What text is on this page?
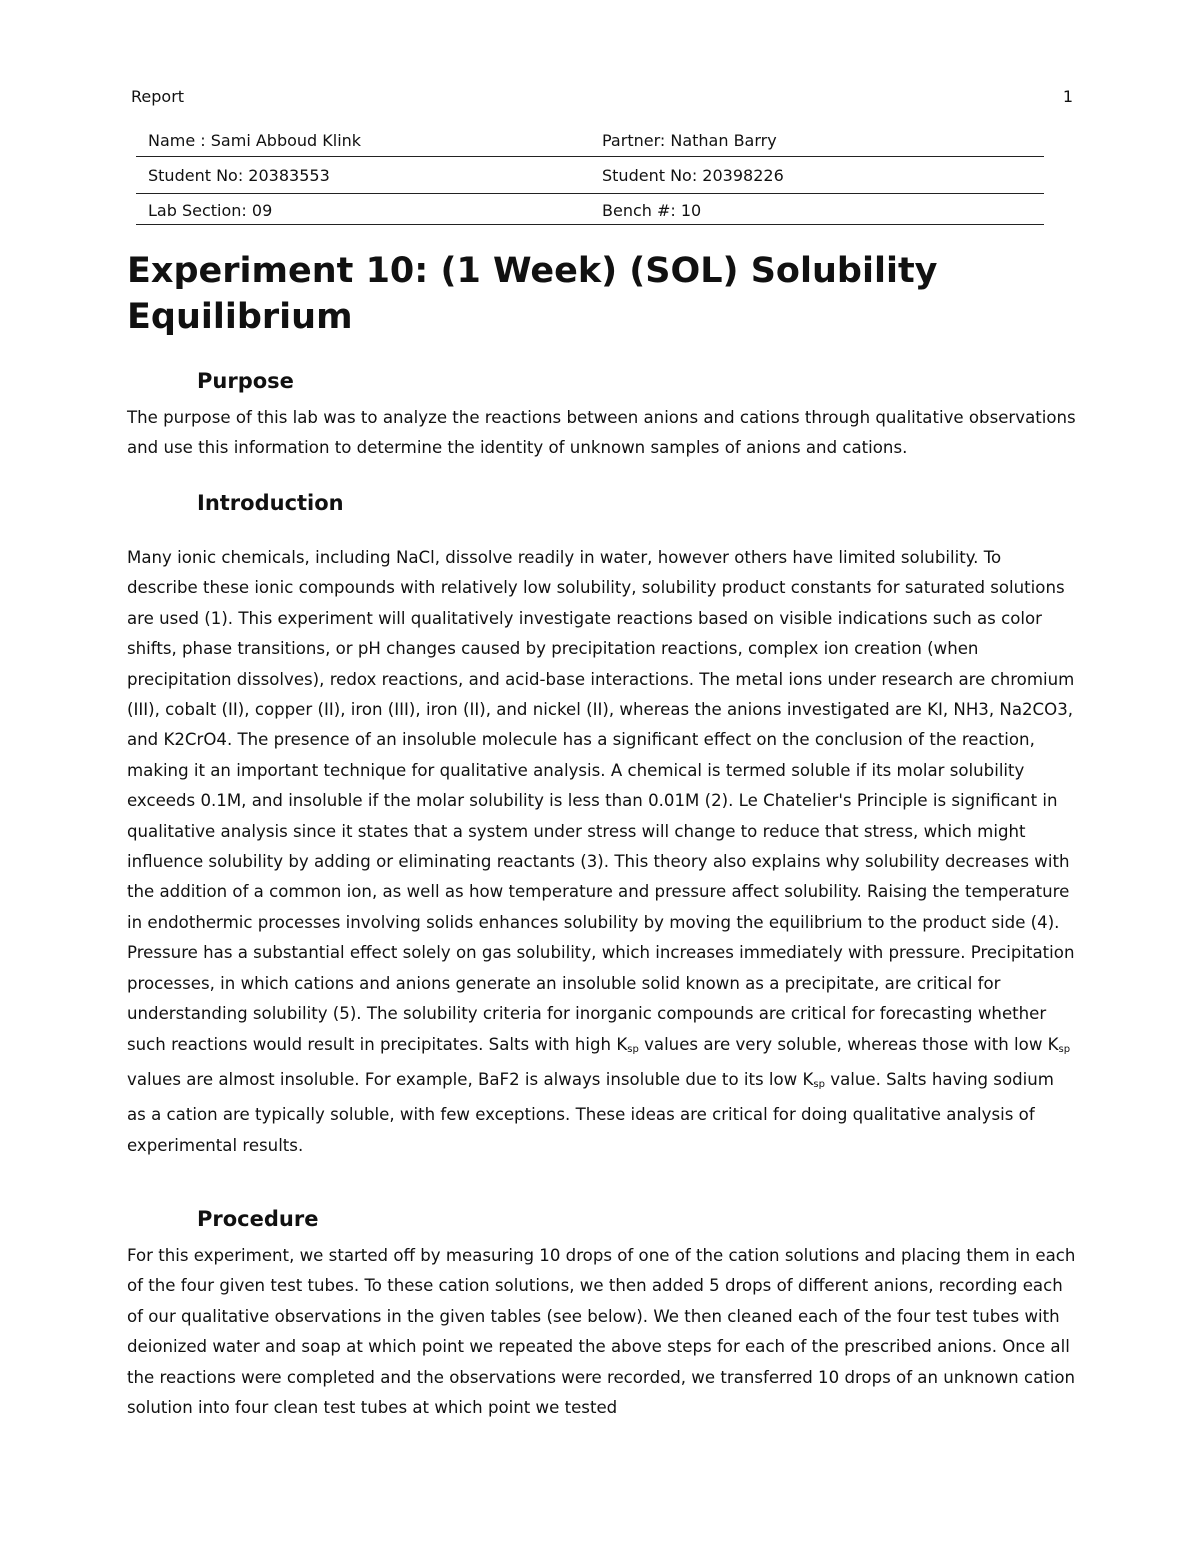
Report	1
Name : Sami Abboud Klink	Partner: Nathan Barry
Student No: 20383553	Student No: 20398226
Lab Section: 09	Bench #: 10
Experiment 10: (1 Week) (SOL) Solubility Equilibrium
Purpose

The purpose of this lab was to analyze the reactions between anions and cations through qualitative observations and use this information to determine the identity of unknown samples of anions and cations.

Introduction

Many ionic chemicals, including NaCl, dissolve readily in water, however others have limited solubility. To describe these ionic compounds with relatively low solubility, solubility product constants for saturated solutions are used (1). This experiment will qualitatively investigate reactions based on visible indications such as color shifts, phase transitions, or pH changes caused by precipitation reactions, complex ion creation (when precipitation dissolves), redox reactions, and acid-base interactions. The metal ions under research are chromium (III), cobalt (II), copper (II), iron (III), iron (II), and nickel (II), whereas the anions investigated are KI, NH3, Na2CO3, and K2CrO4. The presence of an insoluble molecule has a significant effect on the conclusion of the reaction, making it an important technique for qualitative analysis. A chemical is termed soluble if its molar solubility exceeds 0.1M, and insoluble if the molar solubility is less than 0.01M (2). Le Chatelier's Principle is significant in qualitative analysis since it states that a system under stress will change to reduce that stress, which might influence solubility by adding or eliminating reactants (3). This theory also explains why solubility decreases with the addition of a common ion, as well as how temperature and pressure affect solubility. Raising the temperature in endothermic processes involving solids enhances solubility by moving the equilibrium to the product side (4). Pressure has a substantial effect solely on gas solubility, which increases immediately with pressure. Precipitation processes, in which cations and anions generate an insoluble solid known as a precipitate, are critical for understanding solubility (5). The solubility criteria for inorganic compounds are critical for forecasting whether such reactions would result in precipitates. Salts with high $K_{sp}$ values are very soluble, whereas those with low $K_{sp}$ values are almost insoluble. For example, BaF2 is always insoluble due to its low $K_{sp}$ value. Salts having sodium as a cation are typically soluble, with few exceptions. These ideas are critical for doing qualitative analysis of experimental results.

Procedure

For this experiment, we started off by measuring 10 drops of one of the cation solutions and placing them in each of the four given test tubes. To these cation solutions, we then added 5 drops of different anions, recording each of our qualitative observations in the given tables (see below). We then cleaned each of the four test tubes with deionized water and soap at which point we repeated the above steps for each of the prescribed anions. Once all the reactions were completed and the observations were recorded, we transferred 10 drops of an unknown cation solution into four clean test tubes at which point we tested
